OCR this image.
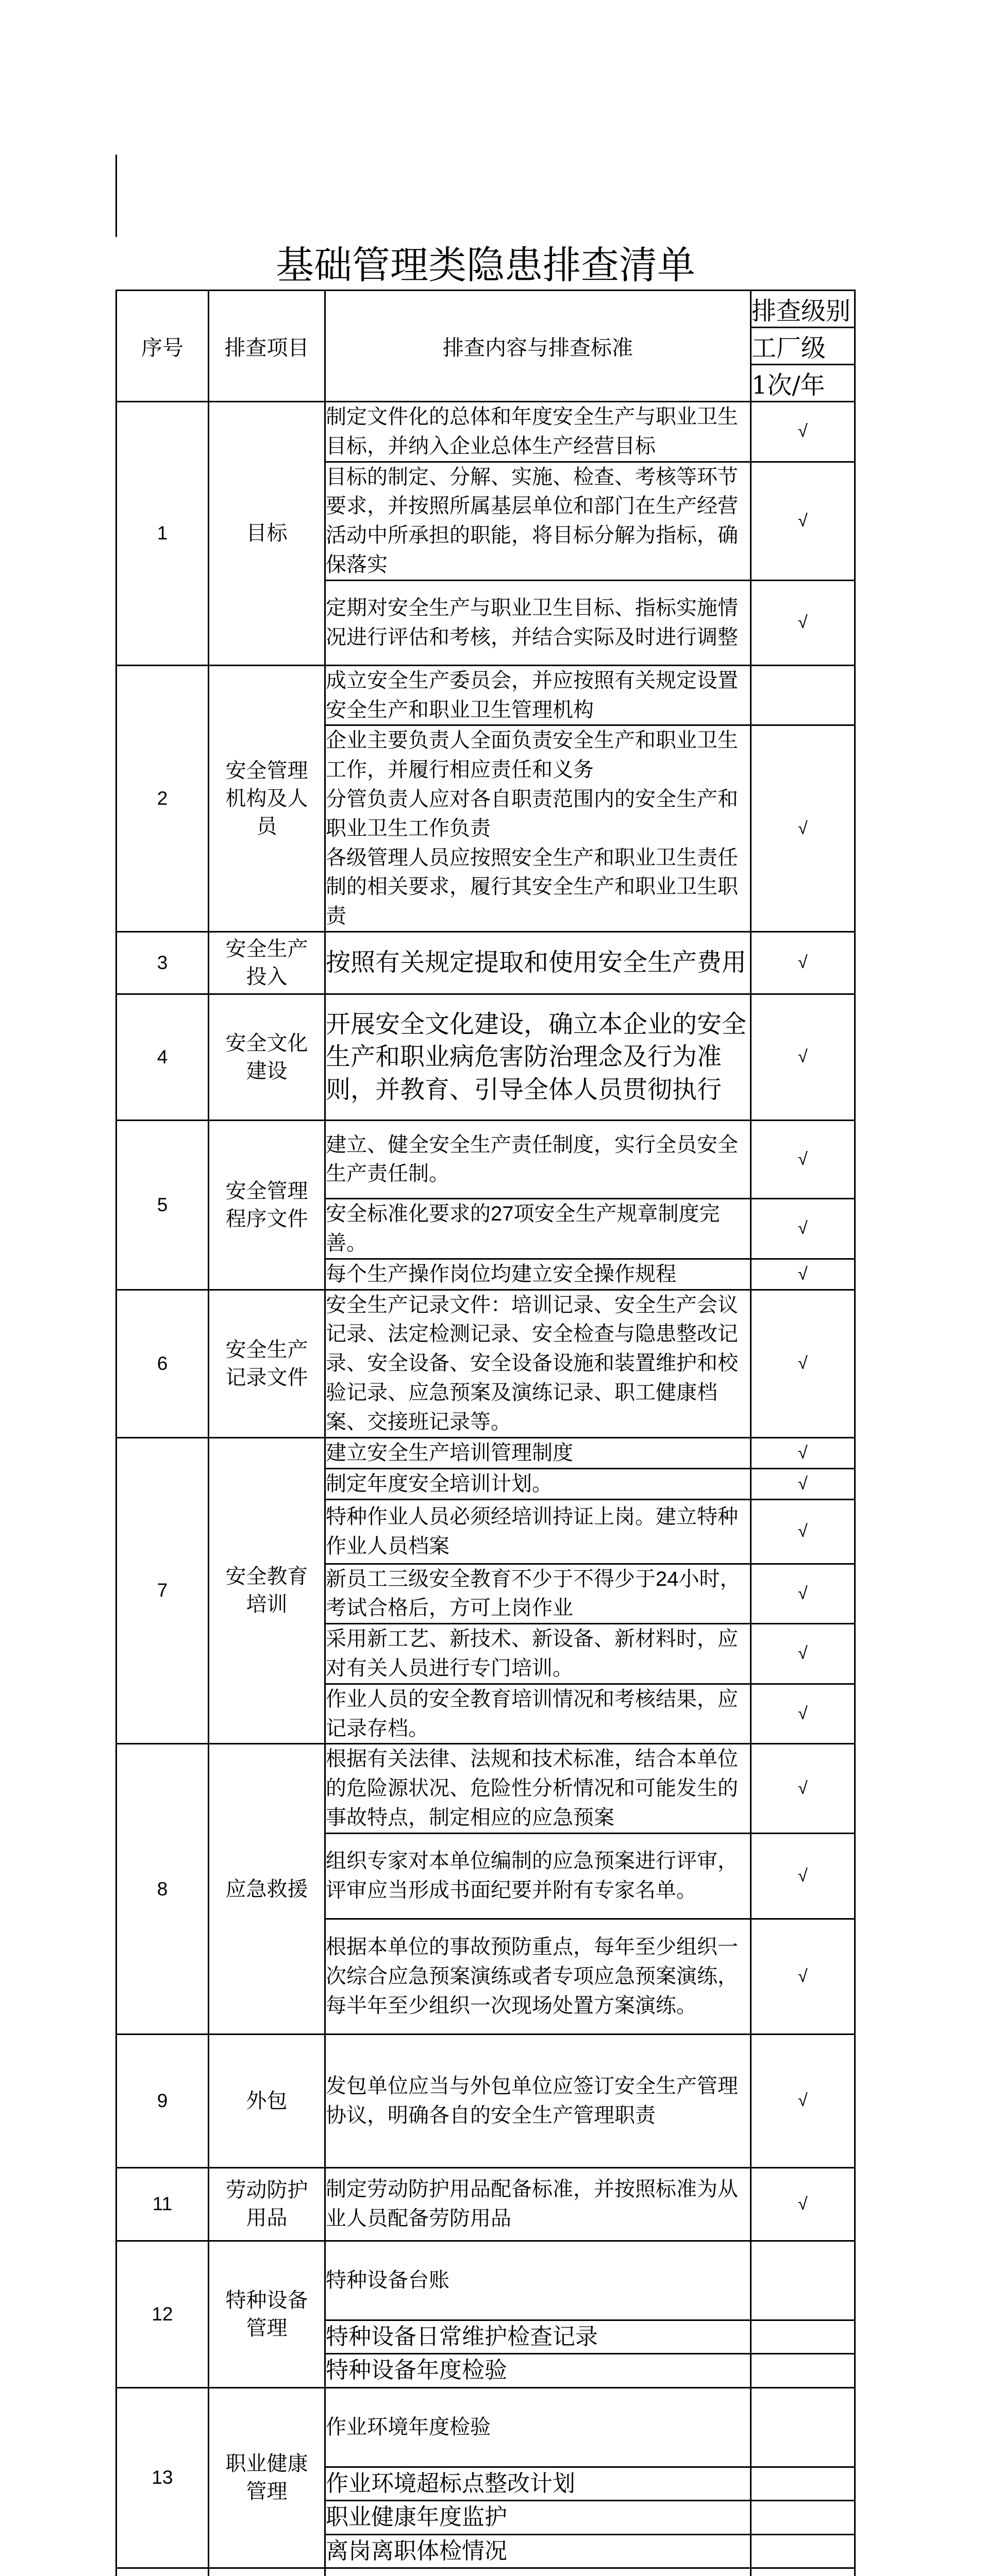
基础管理类隐患排查清单			
序号	排查项目	排查内容与排查标准	排查级别
			工厂级
			1次/年
1	目标	制定文件化的总体和年度安全生产与职业卫生目标，并纳入企业总体生产经营目标	√
		目标的制定、分解、实施、检查、考核等环节要求，并按照所属基层单位和部门在生产经营活动中所承担的职能，将目标分解为指标，确保落实	√
		定期对安全生产与职业卫生目标、指标实施情况进行评估和考核，并结合实际及时进行调整	√
2	安全管理
机构及人
员	成立安全生产委员会，并应按照有关规定设置安全生产和职业卫生管理机构	
		企业主要负责人全面负责安全生产和职业卫生工作，并履行相应责任和义务
分管负责人应对各自职责范围内的安全生产和职业卫生工作负责
各级管理人员应按照安全生产和职业卫生责任制的相关要求，履行其安全生产和职业卫生职责	√
3	安全生产
投入	按照有关规定提取和使用安全生产费用	√
4	安全文化
建设	开展安全文化建设，确立本企业的安全生产和职业病危害防治理念及行为准则，并教育、引导全体人员贯彻执行	√
5	安全管理
程序文件	建立、健全安全生产责任制度，实行全员安全生产责任制。	√
		安全标准化要求的27项安全生产规章制度完善。	√
		每个生产操作岗位均建立安全操作规程	√
6	安全生产
记录文件	安全生产记录文件：培训记录、安全生产会议记录、法定检测记录、安全检查与隐患整改记录、安全设备、安全设备设施和装置维护和校验记录、应急预案及演练记录、职工健康档案、交接班记录等。	√
7	安全教育
培训	建立安全生产培训管理制度	√
		制定年度安全培训计划。	√
		特种作业人员必须经培训持证上岗。建立特种作业人员档案	√
		新员工三级安全教育不少于不得少于24小时，考试合格后，方可上岗作业	√
		采用新工艺、新技术、新设备、新材料时，应对有关人员进行专门培训。	√
		作业人员的安全教育培训情况和考核结果，应记录存档。	√
8	应急救援	根据有关法律、法规和技术标准，结合本单位的危险源状况、危险性分析情况和可能发生的事故特点，制定相应的应急预案	√
		组织专家对本单位编制的应急预案进行评审，评审应当形成书面纪要并附有专家名单。	√
		根据本单位的事故预防重点，每年至少组织一次综合应急预案演练或者专项应急预案演练，每半年至少组织一次现场处置方案演练。	√
9	外包	发包单位应当与外包单位应签订安全生产管理协议，明确各自的安全生产管理职责	√
11	劳动防护
用品	制定劳动防护用品配备标准，并按照标准为从业人员配备劳防用品	√
12	特种设备
管理	特种设备台账	
		特种设备日常维护检查记录	
		特种设备年度检验	
13	职业健康
管理	作业环境年度检验	
		作业环境超标点整改计划	
		职业健康年度监护	
		离岗离职体检情况	
